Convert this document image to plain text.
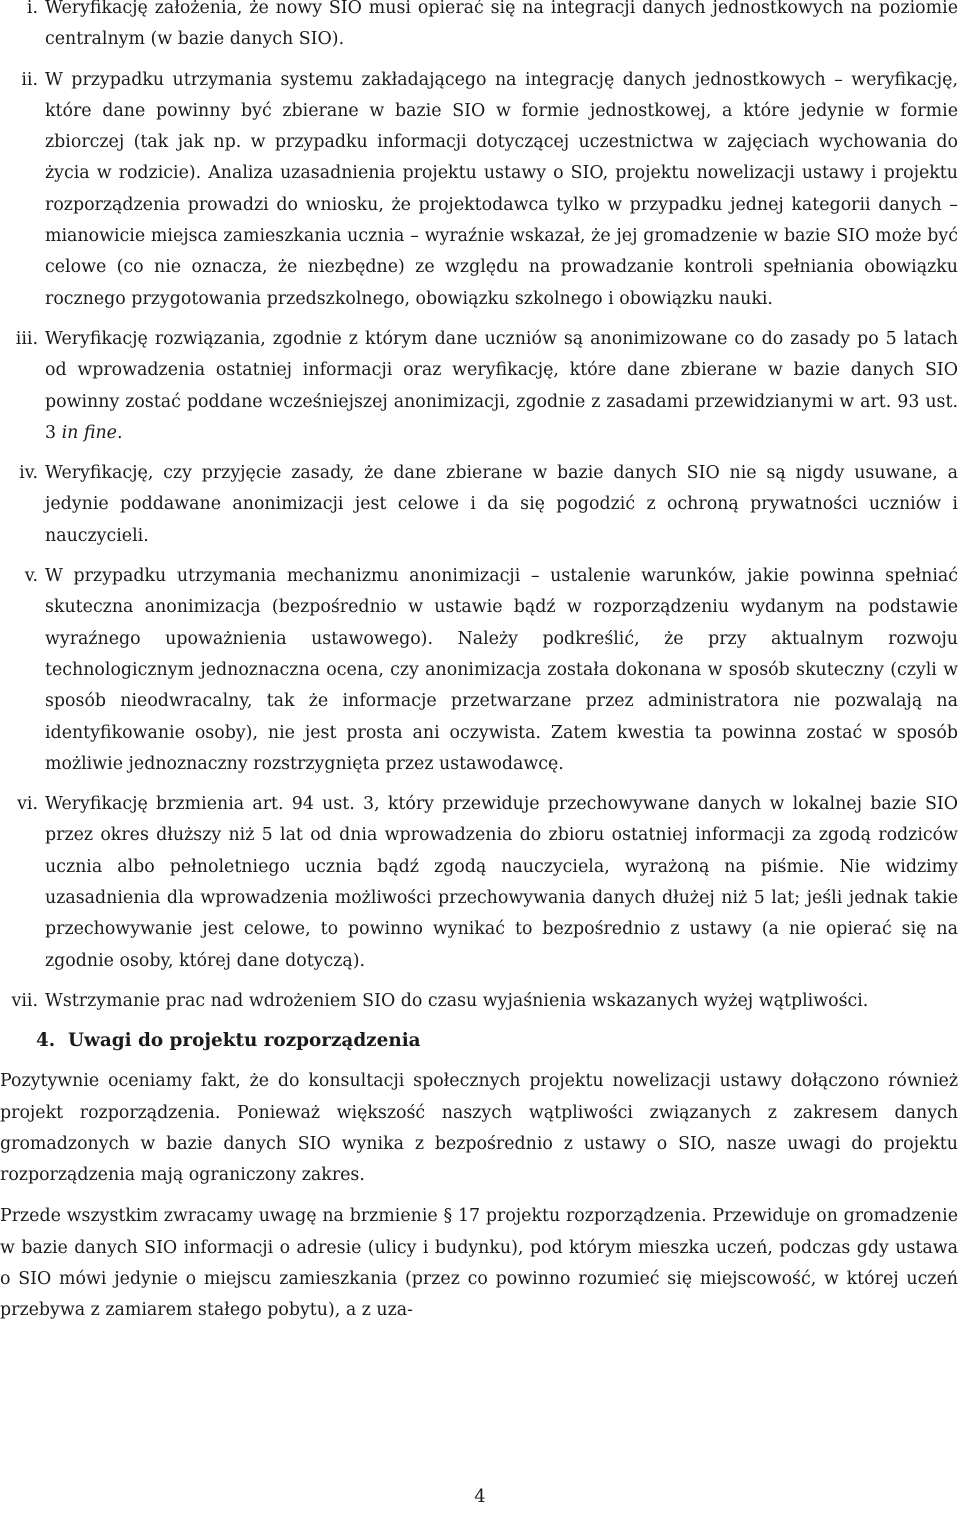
i. Weryfikację założenia, że nowy SIO musi opierać się na integracji danych jednostkowych na poziomie centralnym (w bazie danych SIO).

ii. W przypadku utrzymania systemu zakładającego na integrację danych jednostkowych – weryfikację, które dane powinny być zbierane w bazie SIO w formie jednostkowej, a które jedynie w formie zbiorczej (tak jak np. w przypadku informacji dotyczącej uczestnictwa w zajęciach wychowania do życia w rodzicie). Analiza uzasadnienia projektu ustawy o SIO, projektu nowelizacji ustawy i projektu rozporządzenia prowadzi do wniosku, że projektodawca tylko w przypadku jednej kategorii danych – mianowicie miejsca zamieszkania ucznia – wyraźnie wskazał, że jej gromadzenie w bazie SIO może być celowe (co nie oznacza, że niezbędne) ze względu na prowadzanie kontroli spełniania obowiązku rocznego przygotowania przedszkolnego, obowiązku szkolnego i obowiązku nauki.

iii. Weryfikację rozwiązania, zgodnie z którym dane uczniów są anonimizowane co do zasady po 5 latach od wprowadzenia ostatniej informacji oraz weryfikację, które dane zbierane w bazie danych SIO powinny zostać poddane wcześniejszej anonimizacji, zgodnie z zasadami przewidzianymi w art. 93 ust. 3 in fine.

iv. Weryfikację, czy przyjęcie zasady, że dane zbierane w bazie danych SIO nie są nigdy usuwane, a jedynie poddawane anonimizacji jest celowe i da się pogodzić z ochroną prywatności uczniów i nauczycieli.

v. W przypadku utrzymania mechanizmu anonimizacji – ustalenie warunków, jakie powinna spełniać skuteczna anonimizacja (bezpośrednio w ustawie bądź w rozporządzeniu wydanym na podstawie wyraźnego upoważnienia ustawowego). Należy podkreślić, że przy aktualnym rozwoju technologicznym jednoznaczna ocena, czy anonimizacja została dokonana w sposób skuteczny (czyli w sposób nieodwracalny, tak że informacje przetwarzane przez administratora nie pozwalają na identyfikowanie osoby), nie jest prosta ani oczywista. Zatem kwestia ta powinna zostać w sposób możliwie jednoznaczny rozstrzygnięta przez ustawodawcę.

vi. Weryfikację brzmienia art. 94 ust. 3, który przewiduje przechowywane danych w lokalnej bazie SIO przez okres dłuższy niż 5 lat od dnia wprowadzenia do zbioru ostatniej informacji za zgodą rodziców ucznia albo pełnoletniego ucznia bądź zgodą nauczyciela, wyrażoną na piśmie. Nie widzimy uzasadnienia dla wprowadzenia możliwości przechowywania danych dłużej niż 5 lat; jeśli jednak takie przechowywanie jest celowe, to powinno wynikać to bezpośrednio z ustawy (a nie opierać się na zgodnie osoby, której dane dotyczą).

vii. Wstrzymanie prac nad wdrożeniem SIO do czasu wyjaśnienia wskazanych wyżej wątpliwości.

4. Uwagi do projektu rozporządzenia

Pozytywnie oceniamy fakt, że do konsultacji społecznych projektu nowelizacji ustawy dołączono również projekt rozporządzenia. Ponieważ większość naszych wątpliwości związanych z zakresem danych gromadzonych w bazie danych SIO wynika z bezpośrednio z ustawy o SIO, nasze uwagi do projektu rozporządzenia mają ograniczony zakres.

Przede wszystkim zwracamy uwagę na brzmienie § 17 projektu rozporządzenia. Przewiduje on gromadzenie w bazie danych SIO informacji o adresie (ulicy i budynku), pod którym mieszka uczeń, podczas gdy ustawa o SIO mówi jedynie o miejscu zamieszkania (przez co powinno rozumieć się miejscowość, w której uczeń przebywa z zamiarem stałego pobytu), a z uza-

4
